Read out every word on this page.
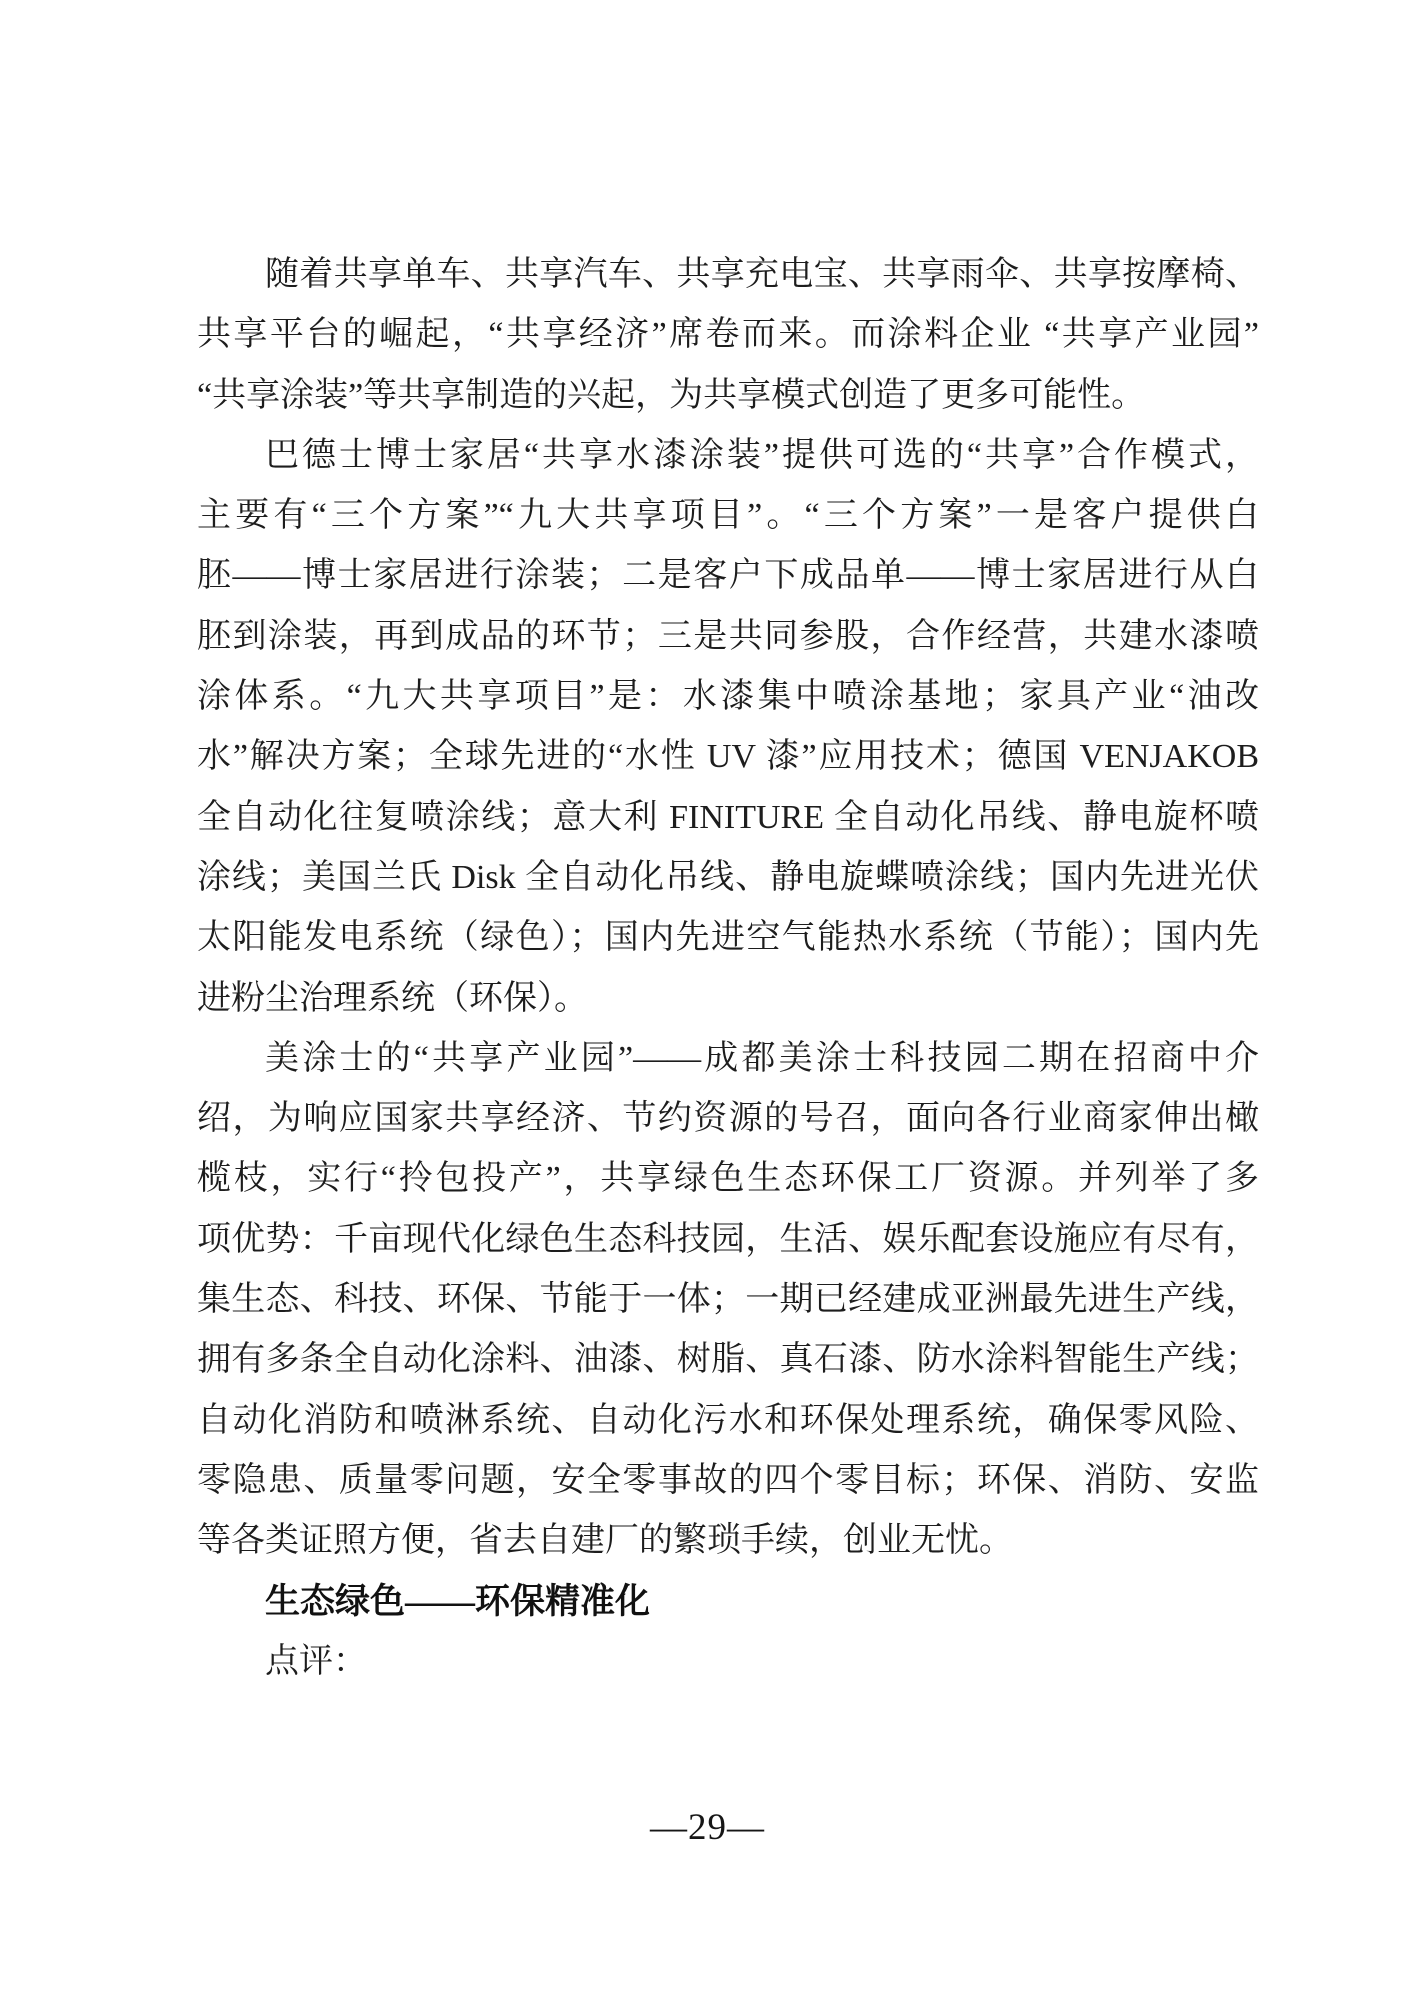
随着共享单车、共享汽车、共享充电宝、共享雨伞、共享按摩椅、

共享平台的崛起，“共享经济”席卷而来。而涂料企业 “共享产业园”

“共享涂装”等共享制造的兴起，为共享模式创造了更多可能性。

巴德士博士家居“共享水漆涂装”提供可选的“共享”合作模式，

主要有“三个方案”“九大共享项目”。“三个方案”一是客户提供白

胚——博士家居进行涂装；二是客户下成品单——博士家居进行从白

胚到涂装，再到成品的环节；三是共同参股，合作经营，共建水漆喷

涂体系。“九大共享项目”是：水漆集中喷涂基地；家具产业“油改

水”解决方案；全球先进的“水性 UV 漆”应用技术；德国 VENJAKOB

全自动化往复喷涂线；意大利 FINITURE 全自动化吊线、静电旋杯喷

涂线；美国兰氏 Disk 全自动化吊线、静电旋蝶喷涂线；国内先进光伏

太阳能发电系统（绿色）；国内先进空气能热水系统（节能）；国内先

进粉尘治理系统（环保）。

美涂士的“共享产业园”——成都美涂士科技园二期在招商中介

绍，为响应国家共享经济、节约资源的号召，面向各行业商家伸出橄

榄枝，实行“拎包投产”，共享绿色生态环保工厂资源。并列举了多

项优势：千亩现代化绿色生态科技园，生活、娱乐配套设施应有尽有，

集生态、科技、环保、节能于一体；一期已经建成亚洲最先进生产线，

拥有多条全自动化涂料、油漆、树脂、真石漆、防水涂料智能生产线；

自动化消防和喷淋系统、自动化污水和环保处理系统，确保零风险、

零隐患、质量零问题，安全零事故的四个零目标；环保、消防、安监

等各类证照方便，省去自建厂的繁琐手续，创业无忧。

生态绿色——环保精准化

点评：

—29—
